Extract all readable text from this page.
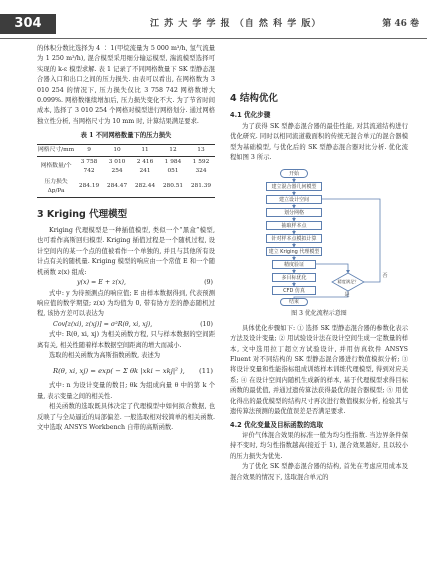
304	江 苏 大 学 学 报 （自 然 科 学 版）	第 46 卷

的体积分数比选择为 4 ∶ 1(甲烷流量为 5 000 m³/h, 氢气流量为 1 250 m³/h), 混合模型采用细分输运模型, 湍流模型选择可实现的 k-ε 模型求解. 表 1 记录了不同网格数量下 SK 型静态混合器入口和出口之间的压力损失. 由表可以看出, 在网格数为 3 010 254 的情况下, 压力损失仅比 3 758 742 网格数增大 0.099%. 网格数继续增加后, 压力损失变化不大. 为了节省时间成本, 选择了 3 010 254 个网格对模型进行网格划分. 通过网格独立性分析, 当网格尺寸为 10 mm 时, 计算结果满足要求.

表 1 不同网格数量下的压力损失
网格尺寸/mm	9	10	11	12	13
网格数量/个	3 758 742	3 010 254	2 416 241	1 984 051	1 592 324
压力损失 Δp/Pa	284.19	284.47	282.44	280.51	281.39
3 Kriging 代理模型

Kriging 代理模型是一种插值模型, 类似一个“黑盒”模型, 也可看作高斯回归模型. Kriging 插值过程是一个随机过程, 设计空间内的某一个点的值被看作一个单独的, 并且与其他所有设计点有关的随机量. Kriging 模型的响应由一个常值 E 和一个随机函数 z(x) 组成:

y(x) = E + z(x),	(9)

式中: y 为待预测点的响应值; E 由样本数据得到, 代表预测响应值的数学期望; z(x) 为均值为 0, 带有协方差的静态随机过程, 该协方差可以表达为

Cov[z(xi), z(xj)] = σ²R(θ, xi, xj),	(10)

式中: R(θ, xi, xj) 为相关函数方程, 只与样本数据的空间距离有关, 相关性随着样本数据空间距离的增大而减小.

选取的相关函数为高斯指数函数, 表述为

R(θ, xi, xj) = exp( − Σ θk |xki − xkj|² ), (11)

式中: n 为设计变量的数目; θk 为组成向量 θ 中的第 k 个量, 表示变量之间的相关性.

相关函数的选取既具体决定了代理模型中如何拟合数据, 也反映了与全局逼近的局部偏差. 一般选取相对较简单的相关函数. 文中选取 ANSYS Workbench 自带的高斯函数.

4 结构优化
4.1 优化步骤

为了获得 SK 型静态混合器的最佳性能, 对其流道结构进行优化研究. 同时以相同流道截面积的传统无混合单元的混合器模型为基础模型, 与优化后的 SK 型静态混合器对比分析. 优化流程如图 3 所示.

开始
建立混合器几何模型
建立设计空间
划分网格
抽取样本点
针对样本点模拟计算
建立 Kriging 代理模型
精度验证
多目标优化
CFD 仿真
结束
精度满足？
是
否
图 3 优化流程示意图

具体优化步骤如下: ① 选择 SK 型静态混合器的参数化表示方法及设计变量; ② 用试验设计法在设计空间生成一定数量的样本, 文中选用拉丁超立方试验设计, 并用仿真软件 ANSYS Fluent 对不同结构的 SK 型静态混合器进行数值模拟分析; ③ 将设计变量和性能指标组成训练样本训练代理模型, 得到对应关系; ④ 在设计空间内随机生成新的样本, 基于代理模型求得目标函数的最优值, 并通过遗传算法获得最优的混合器模型; ⑤ 用优化得出的最优模型的结构尺寸再次进行数值模拟分析, 检验其与遗传算法预测的最优值误差是否满足要求.

4.2 优化变量及目标函数的选取

评价气体混合效果的标准一般为均匀性指数. 当边界条件保持不变时, 均匀性指数越高(接近于 1), 混合效果越好, 且以较小的压力损失为优先.

为了优化 SK 型静态混合器的结构, 首先在考虑应用成本及混合效果的情况下, 选取混合单元的
